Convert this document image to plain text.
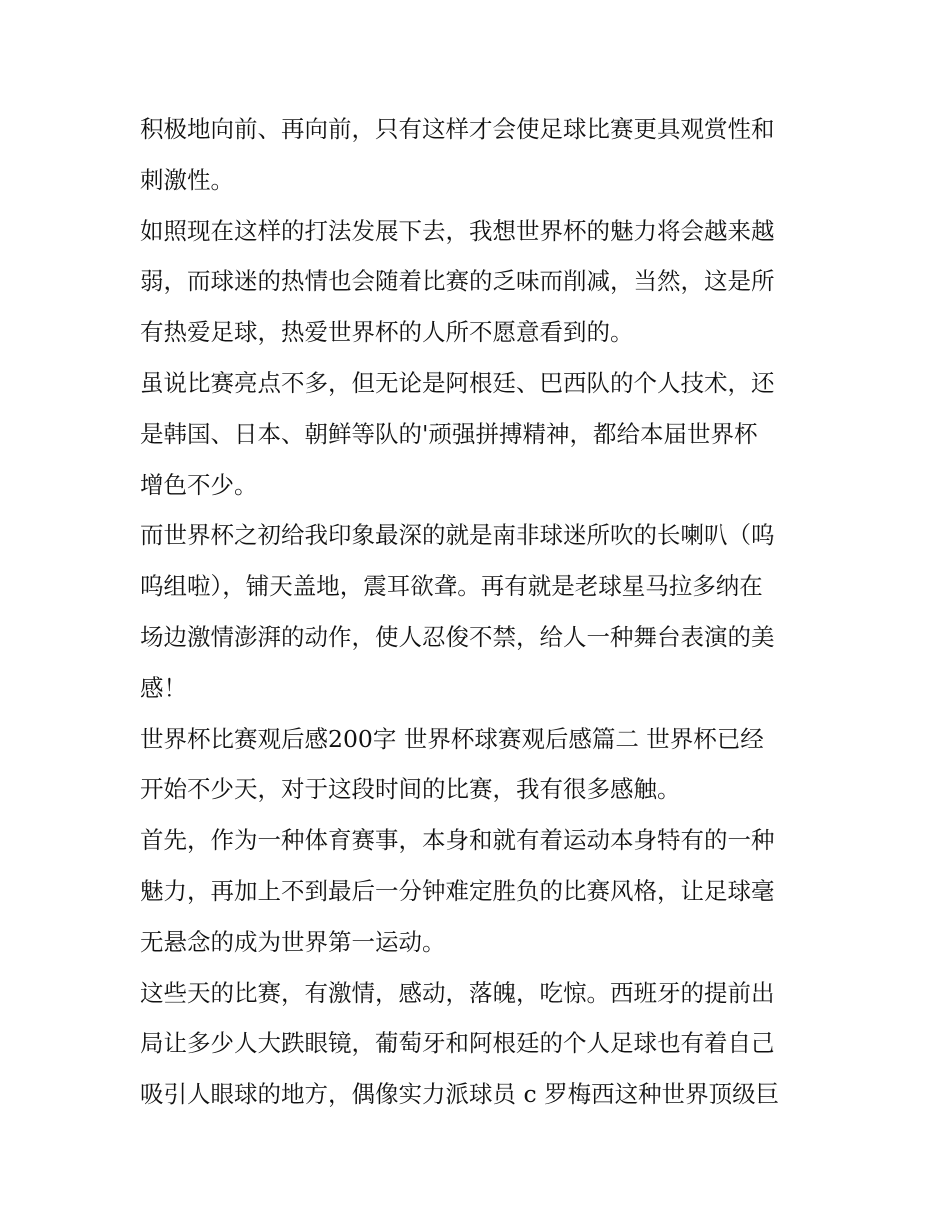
积极地向前、再向前，只有这样才会使足球比赛更具观赏性和
刺激性。
如照现在这样的打法发展下去，我想世界杯的魅力将会越来越
弱，而球迷的热情也会随着比赛的乏味而削减，当然，这是所
有热爱足球，热爱世界杯的人所不愿意看到的。
虽说比赛亮点不多，但无论是阿根廷、巴西队的个人技术，还
是韩国、日本、朝鲜等队的'顽强拼搏精神，都给本届世界杯
增色不少。
而世界杯之初给我印象最深的就是南非球迷所吹的长喇叭（呜
呜组啦），铺天盖地，震耳欲聋。再有就是老球星马拉多纳在
场边激情澎湃的动作，使人忍俊不禁，给人一种舞台表演的美
感！
世界杯比赛观后感200字 世界杯球赛观后感篇二 世界杯已经
开始不少天，对于这段时间的比赛，我有很多感触。
首先，作为一种体育赛事，本身和就有着运动本身特有的一种
魅力，再加上不到最后一分钟难定胜负的比赛风格，让足球毫
无悬念的成为世界第一运动。
这些天的比赛，有激情，感动，落魄，吃惊。西班牙的提前出
局让多少人大跌眼镜，葡萄牙和阿根廷的个人足球也有着自己
吸引人眼球的地方，偶像实力派球员 c 罗梅西这种世界顶级巨
